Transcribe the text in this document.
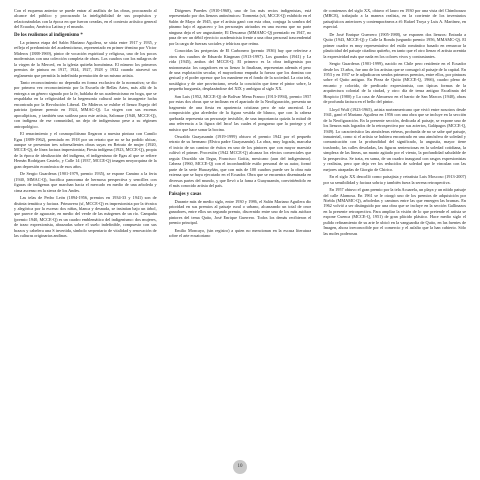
Con el esquema anterior se puede entrar al análisis de las obras, procurando al alcance del público y procurando la inteligibilidad de sus propósitos y relacionándolas con la época en que fueron creadas, en el contexto artístico general del Ecuador, América Latina y el mundo.

De los realismos al indigenismo *

La primera etapa del Salón Mariano Aguilera, se sitúa entre 1917 y 1935, y refleja el predominio del academicismo, representado en primer término por Víctor Mideros (1888-1969), pintor de vocación espiritual y religiosa, uno de los pocos modernistas con una colección completa de obras. Los cuadros con los milagros de la virgen de la Merced, en la iglesia quiteña homónima. El número los primeros premios de pintura en 1917, 1924, 1927, 1928 y 1932 cuando atravesó un reglamento que permitía la indefinida premiación de un mismo artista.

Tanto reconocimiento no dependía en forma exclusiva de la normativa; se dio por primera vez reconocimiento por la Escuela de Bellas Artes, más allá de la entrega a un género signado por la fe, hablaba de un academicismo en boga, que se respaldaba en la religiosidad de la hegemonía cultural ante la insurgente lucha encontrada por la Revolución Liberal. De Mideros se exhibe el lienzo Espejo del patriota (primer premio en 1924, MMAC-Q). La virgen con sus escenas apocalípticas, y también una sutileza para este artista, Salomae (1940, MCCE-Q), con indígena de ese comunidad, un dejo de indigenismo pese a su régimen antropológico.

El renacimiento y el cosmopolitismo llegaron a nuestra pintura con Camilo Egas (1889-1962), premiado en 1918 por un retrato que no se ha podido ubicar, aunque se presentan tres sobresalientes obras suyas en Retrato de mujer (1920, MCCE-Q), de línea factura impresionista; Fiesta indígena (1923, MCCE-Q), propia de la época de idealización del indígena, el indigenismo de Egas al que se refiere Hernán Rodríguez Castelo, y Calle 14 (1937, MCCE-Q) imagen neoyorquina de la gran depresión económica de esos años.

De Sergio Guarderas (1901-1979, premio 1935), se expone Camino a la feria (1940, MMAC-Q), bucólica panorama de hermosa perspectiva y sencillez con figuras de indígenas que marchan hacia el mercado en medio de una arboleda y cima ascenso en la sierra de los Andes.

Las telas de Pedro León (1894-1956, premios en 1934-33 y 1941) son de distinta temática y factura. Primavera (sf, MCCE-Q) es impresionista por la técnica y alegórica por la escena: dos niñas, blanca y desnuda, se insinúan bajo un árbol, que parece de aguacate, en medio del verde de las márgenes de un río. Campaña (premio 1940, MCCE-Q) es un cuadro emblemático del indigenismo: dos mujeres, de trazo expresionista, abrazadas sobre el suelo indefinible, compuesto con sus brazos y cabelera una S invertida, símbolo serpentario de vitalidad y renovación de las culturas originarias andinas.

Diógenes Paredes (1910-1968), uno de los más recios indigenistas, está representado por dos lienzos antinómicos: Tormenta (s/f, MCCE-Q) exhibido en el Salón de Mayo de 1945, que el artista ganó con esta obra, conjuga la sombra del páramo bajo el aguacero y los personajes atrirados en una escena que no parte ninguna deja el ser angustiante; El Descanso (MMAMC-Q) premiado en 1947, no pasa de ser un débil ejercicio academicista frente a una obra personal trascendental por la carga de fuerzas sociales y telúricas que reúna.

Conocidas las peripecias de El Carbonero (premio 1936) hay que referirse a otros dos cuadros de Eduardo Kingman (1913-1997). Los guandos (1941) y La vida (1945), ambos del MCCE-Q. El primero es la obra indigenista por antonomasia: los cargadores en su lienzo lo finalizan, representan además el peso de una explotación secular, el mayordomo empuña la fuerza que los domina con gestual y el poder opresor que los mantiene en el fondo de la sociedad. La otra tela, nostálgica y de aire provinciano, revela la concisión que tiene el pintor sobre, la pequeña burguesía, desplazándose del XIX y ambigua al siglo XX.

San Luis (1952, MCCE-Q) de Bolívar Mena Franco (1913-1994), premio 1957 por estas dos obras que se inclinan en el apartado de la Neofiguración, presenta un fragmento de una fiesta en apariencia cristiana pero de raíz ancestral. La composición gira alrededor de la figura vestida de blanco, que con la cabeza quebrada representa un personaje invisible, de una importancia quizás la mitad de una referencia a la figura del Inca! las cuales el pongueao que la protege y el músico que hace sonar la bocina.

Oswaldo Guayasamín (1919-1999) obtuvo el premio 1942 por el pequeño retrato de su hermano (Elvira padre Guayasamín). La obra, muy lograda, marcaba el inicio de un camino de éxitos en uno de los pintores que con mayor maestría cultivó el primer. Procesión (1942 MCCE-Q) alcanza los efectos comerciales que seguía Oswaldo sin llegar, Francisco Goitia, mexicano (aun del indigenismo). Cabeza (1960, MCCE-Q) con el inconfundible estilo personal de su autor, formó parte de la serie Huacayñán, que con más de 100 cuadros puede ser la obra más extensa que se haya ejecutado en el Ecuador. Obra que se encuentra diseminada en diversas partes del mundo, y que llevó a la fama a Guayasamín, convirtiéndolo en el más conocido artista del país.

Paisajes y casas

Durante más de medio siglo, entre 1930 y 1986, el Salón Mariano Aguilera dio prioridad en sus premios al paisaje rural o urbano, alcanzando un total de once ganadores, entre ellos un segundo premio, discernido entre uno de los más asiduos pintores del tema Quito, José Enrique Guerrero. Todos los demás recibieron el premio principal.

Emilio Moncayo, (sin registro) a quien no mencionan en la escasa literatura sobre el arte ecuatoriano

de comienzos del siglo XX, obtuvo el lauro en 1930 por una vista del Chimborazo (MBCE), trabajado a la manera realista, en la corriente de los inventarios paisajísticos anteriores y contemporáneos a él: Rafael Troya y Luis A. Martínez, en especial.

De José Enrique Guerrero (1905-1988), se exponen dos lienzos: Entrada a Quito (1943, MCCE-Q) y Calle la Ronda (segundo premio 1956, MMAMC-Q). El primer cuadro es muy representativo del estilo romántico basado en remarcar la plasticidad del paisaje citadino quiteño, en tanto que el otro lienzo el artista acentúa la expresividad más que nada en los colores vivos y contrastantes.

Sergio Guarderas (1901-1999), nacido en Chile pero residente en el Ecuador desde los 13 años, fue uno de los artistas que se consagró al paisaje de la capital. En 1953 y en 1937 se le adjudicaron sendos primeros premios, entre ellos, por pinturas sobre el Quito antiguo. En Pieza de Quito (MCCE-Q, 1966), cuadro pleno de encanto y colorido, de predicado expresionista, con típicas formas de la arquitectura colonial de la ciudad, y otro: día de tensa antiguo Escalinata del Hospicio (1980) y La casa de Almuerzo en el barrio de San Marcos (1940), obras de profunda factura en el bello del pintor.

Lloyd Wulf (1923-1965), artista norteamericano que vivió entre nosotros desde 1941, ganó el Mariano Aguilera en 1956 con una obra que se incluye en la sección de la Neofiguración. En la presente sección, dedicada al paisaje, se expone uno de los lienzos más logrados de la retrospectiva por sus aciertos, Galápagos (MCCE-Q, 1949). Lo característico las atmósferas etéreas, profunda de no se sabe qué paisaje, inmaterial, como si el artista se hubiera encontrado en una atmósfera de soledad y comunicación con la profundidad del significado, la angustia, mayor tiene trasfondo, las calles desoladas, las figuras sentenciosas en la soledad cotidiana, la simpleza de las líneas, un manto agitado por el viento, la profundidad saludable de la perspectiva. Se trata, en suma, de un cuadro inaugural con rasgos expresionistas y realistas, pero que deja ver los reducidos de soledad que le vinculan con las mejores atrapadas de Giorgio de Chirico.

En el siglo XX descolló como paisajista y retratista Luis Moscoso (1913-2007) por su sensibilidad y factura sobria y también fuera la serena retrospectiva.

En 1957 obtuvo el gran premio por la tela Acuarela, un playa y un nítido paisaje del calle Alamosa. En 1961 se le otorgó uno de los premios de adquisición por Niebla (MMAMC-Q), arboledas y caminos entre las que emergen las brumas. En 1962 volvió a ser distinguido por una obra que se incluye en la sección Gallinazos en la presente retrospectiva. Para ampliar la visión de lo que pretende el artista se expone Cuenca (MCCE-Q, 1951) de gran plácido plástico. Hace medio siglo el pulido refinamiento de su arte le ubicó en la vanguardia de Quito, en las fuentes de Imagen, ahora irreconocible por el comercio y el asfalto que la han cubierto. Sólo las moles poderosas

10
